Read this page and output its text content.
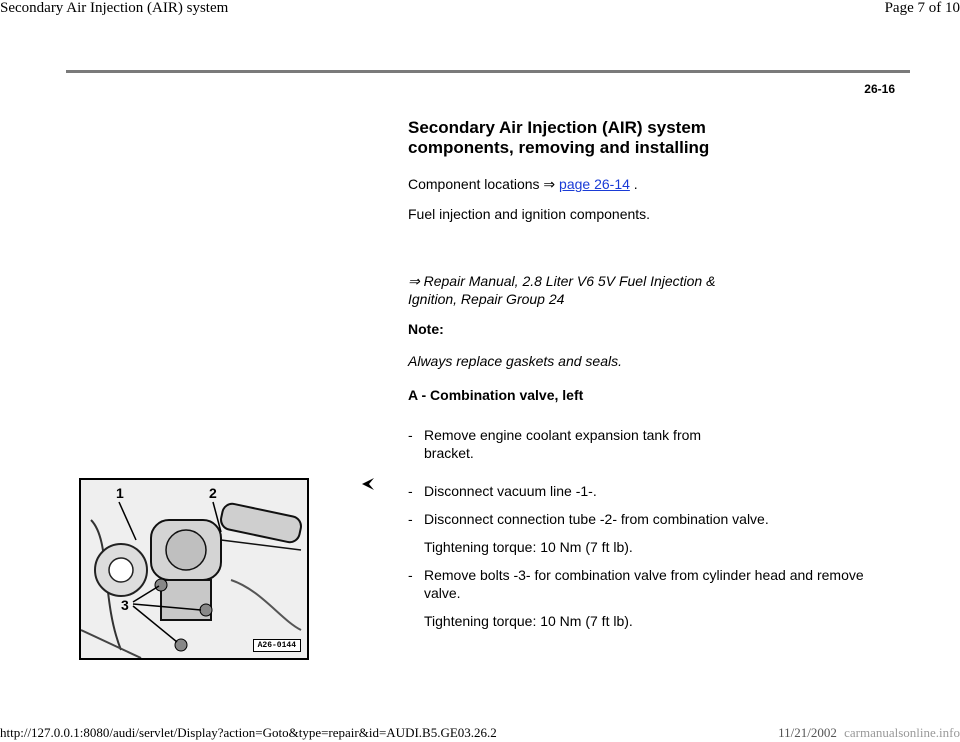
Secondary Air Injection (AIR) system	Page 7 of 10
26-16
Secondary Air Injection (AIR) system components, removing and installing
Component locations ⇒ page 26-14 .
Fuel injection and ignition components.
⇒ Repair Manual, 2.8 Liter V6 5V Fuel Injection & Ignition, Repair Group 24
Note:
Always replace gaskets and seals.
A - Combination valve, left
- Remove engine coolant expansion tank from bracket.
1	2
3
A26-0144
- Disconnect vacuum line -1-.
- Disconnect connection tube -2- from combination valve.
Tightening torque: 10 Nm (7 ft lb).
- Remove bolts -3- for combination valve from cylinder head and remove valve.
Tightening torque: 10 Nm (7 ft lb).
http://127.0.0.1:8080/audi/servlet/Display?action=Goto&type=repair&id=AUDI.B5.GE03.26.2	11/21/2002 carmanualsonline.info
